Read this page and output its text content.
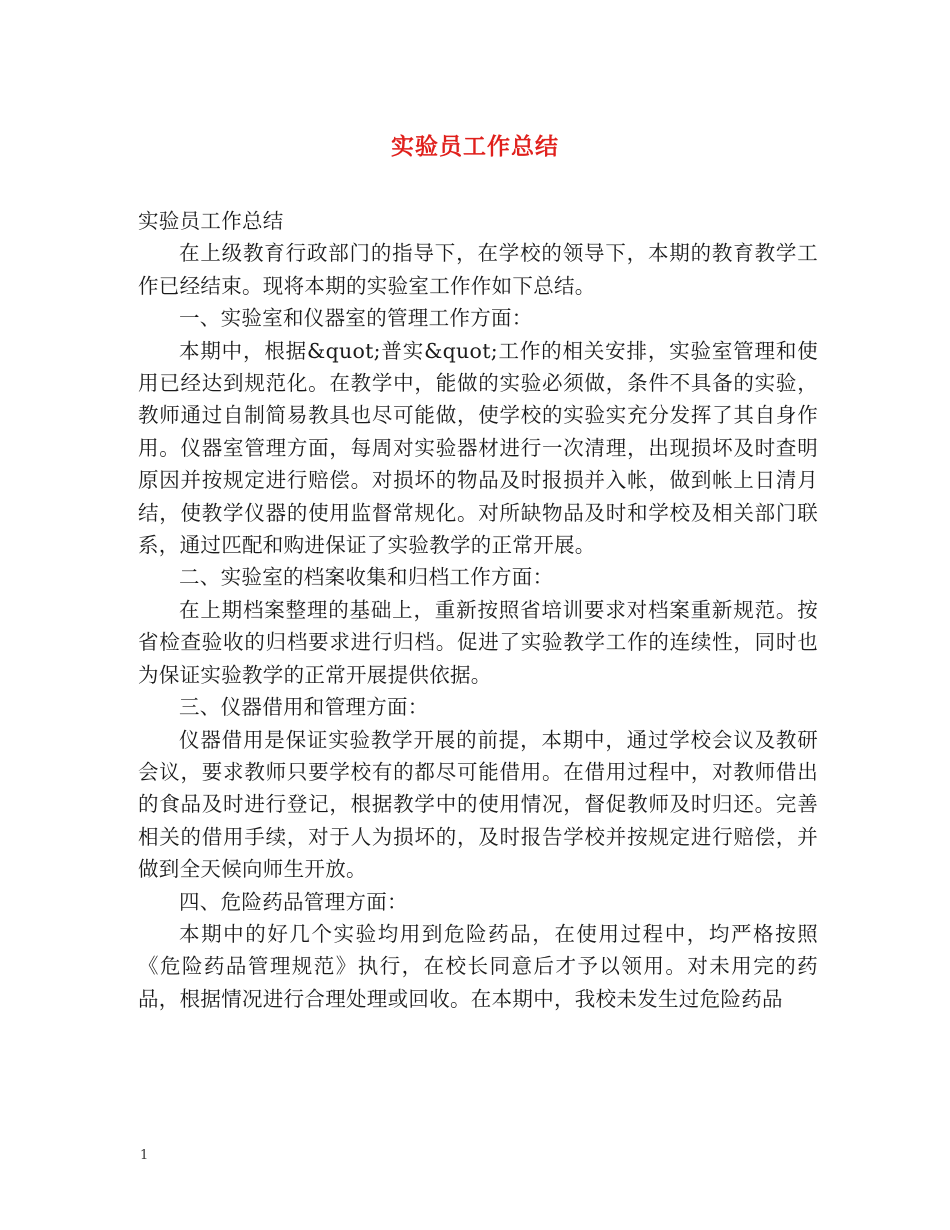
实验员工作总结

实验员工作总结

在上级教育行政部门的指导下，在学校的领导下，本期的教育教学工作已经结束。现将本期的实验室工作作如下总结。

一、实验室和仪器室的管理工作方面：

本期中，根据&quot;普实&quot;工作的相关安排，实验室管理和使用已经达到规范化。在教学中，能做的实验必须做，条件不具备的实验，教师通过自制简易教具也尽可能做，使学校的实验实充分发挥了其自身作用。仪器室管理方面，每周对实验器材进行一次清理，出现损坏及时查明原因并按规定进行赔偿。对损坏的物品及时报损并入帐，做到帐上日清月结，使教学仪器的使用监督常规化。对所缺物品及时和学校及相关部门联系，通过匹配和购进保证了实验教学的正常开展。

二、实验室的档案收集和归档工作方面：

在上期档案整理的基础上，重新按照省培训要求对档案重新规范。按省检查验收的归档要求进行归档。促进了实验教学工作的连续性，同时也为保证实验教学的正常开展提供依据。

三、仪器借用和管理方面：

仪器借用是保证实验教学开展的前提，本期中，通过学校会议及教研会议，要求教师只要学校有的都尽可能借用。在借用过程中，对教师借出的食品及时进行登记，根据教学中的使用情况，督促教师及时归还。完善相关的借用手续，对于人为损坏的，及时报告学校并按规定进行赔偿，并做到全天候向师生开放。

四、危险药品管理方面：

本期中的好几个实验均用到危险药品，在使用过程中，均严格按照《危险药品管理规范》执行，在校长同意后才予以领用。对未用完的药品，根据情况进行合理处理或回收。在本期中，我校未发生过危险药品

1
